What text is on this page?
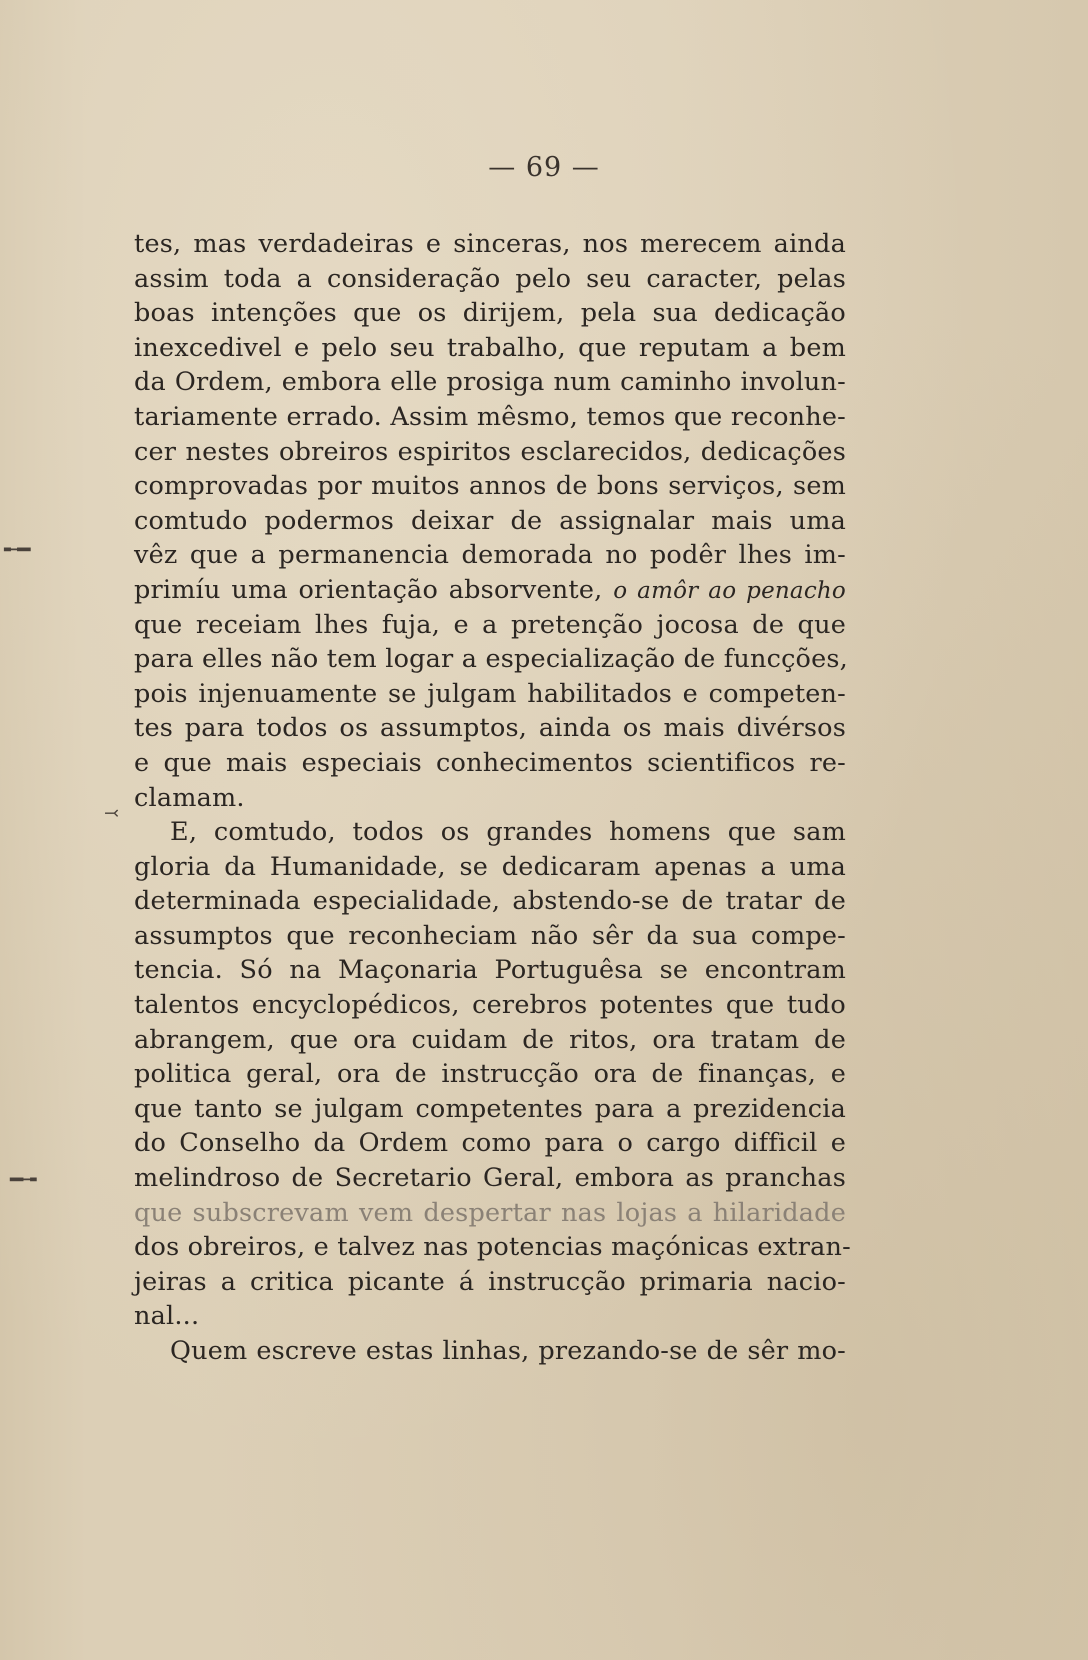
— 69 —
╾━
━╼
⤙
tes, mas verdadeiras e sinceras, nos merecem ainda
assim toda a consideração pelo seu caracter, pelas
boas intenções que os dirijem, pela sua dedicação
inexcedivel e pelo seu trabalho, que reputam a bem
da Ordem, embora elle prosiga num caminho involun-
tariamente errado. Assim mêsmo, temos que reconhe-
cer nestes obreiros espiritos esclarecidos, dedicações
comprovadas por muitos annos de bons serviços, sem
comtudo podermos deixar de assignalar mais uma
vêz que a permanencia demorada no podêr lhes im-
primíu uma orientação absorvente, o amôr ao penacho
que receiam lhes fuja, e a pretenção jocosa de que
para elles não tem logar a especialização de funcções,
pois injenuamente se julgam habilitados e competen-
tes para todos os assumptos, ainda os mais divérsos
e que mais especiais conhecimentos scientificos re-
clamam.
E, comtudo, todos os grandes homens que sam
gloria da Humanidade, se dedicaram apenas a uma
determinada especialidade, abstendo-se de tratar de
assumptos que reconheciam não sêr da sua compe-
tencia. Só na Maçonaria Portuguêsa se encontram
talentos encyclopédicos, cerebros potentes que tudo
abrangem, que ora cuidam de ritos, ora tratam de
politica geral, ora de instrucção ora de finanças, e
que tanto se julgam competentes para a prezidencia
do Conselho da Ordem como para o cargo difficil e
melindroso de Secretario Geral, embora as pranchas
que subscrevam vem despertar nas lojas a hilaridade
dos obreiros, e talvez nas potencias maçónicas extran-
jeiras a critica picante á instrucção primaria nacio-
nal...
Quem escreve estas linhas, prezando-se de sêr mo-
